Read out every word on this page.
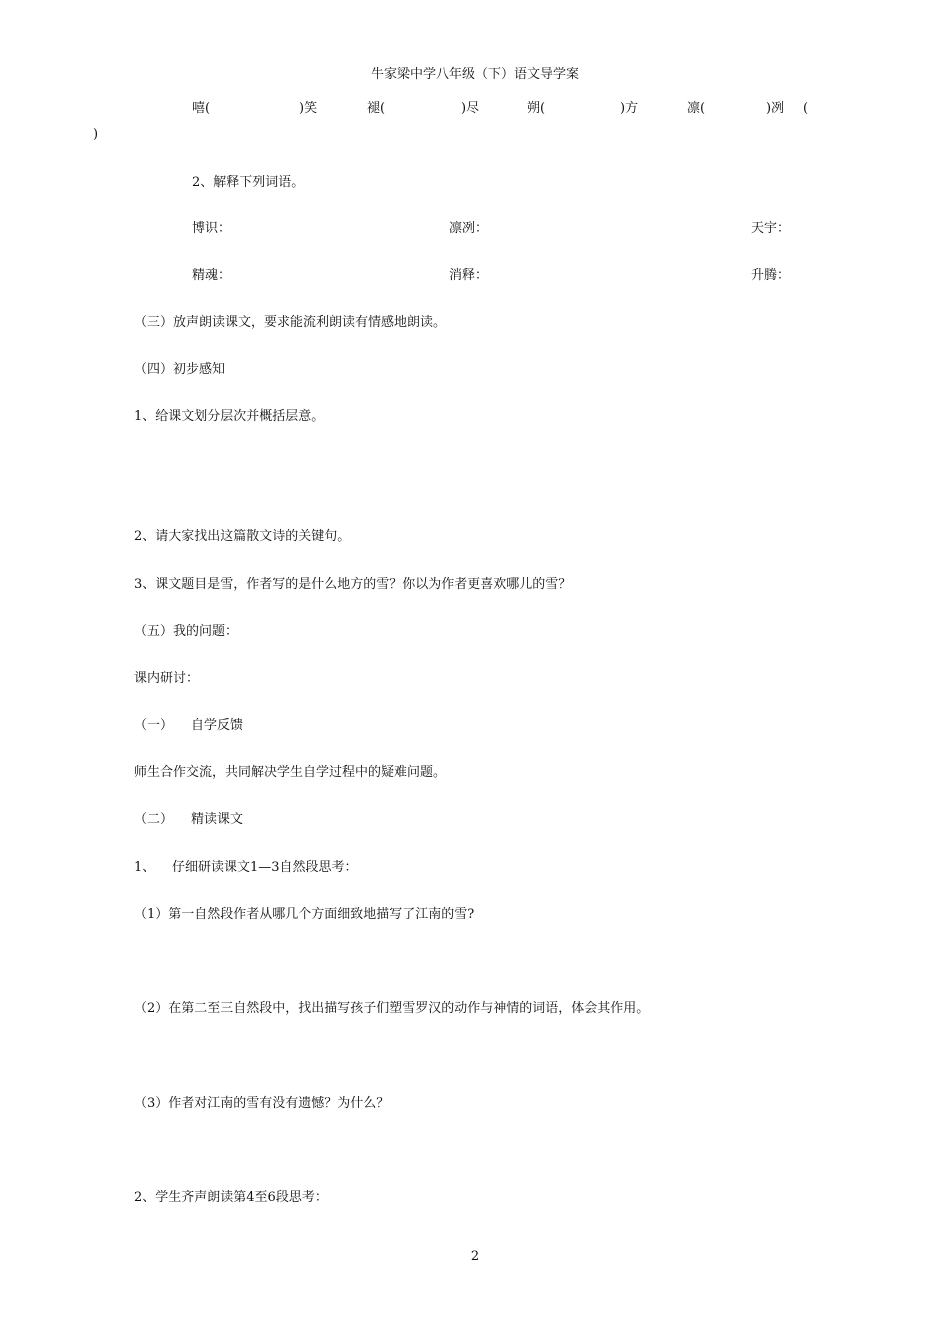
牛家梁中学八年级（下）语文导学案
嘻(	)笑	褪(	)尽	朔(	)方	凛(	)冽 (
)
2、解释下列词语。
博识：	凛冽：	天宇：
精魂：	消释：	升腾：
（三）放声朗读课文，要求能流利朗读有情感地朗读。
（四）初步感知
1、给课文划分层次并概括层意。
2、请大家找出这篇散文诗的关键句。
3、课文题目是雪，作者写的是什么地方的雪？你以为作者更喜欢哪儿的雪？
（五）我的问题：
课内研讨：
（一） 自学反馈
师生合作交流，共同解决学生自学过程中的疑难问题。
（二） 精读课文
1、 仔细研读课文1—3自然段思考：
（1）第一自然段作者从哪几个方面细致地描写了江南的雪?
（2）在第二至三自然段中，找出描写孩子们塑雪罗汉的动作与神情的词语，体会其作用。
（3）作者对江南的雪有没有遗憾？为什么？
2、学生齐声朗读第4至6段思考：
2
